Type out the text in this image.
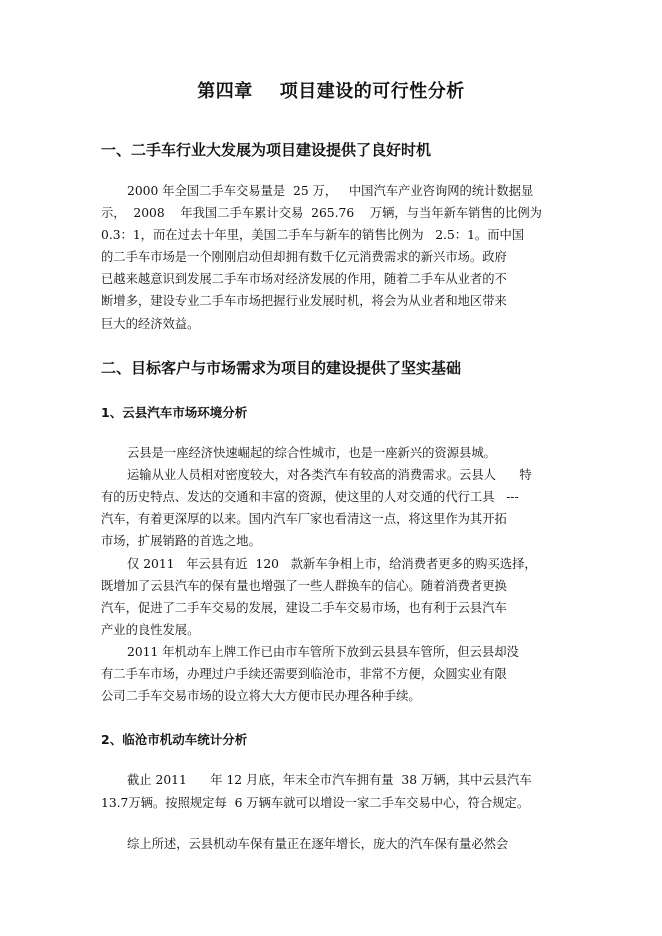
第四章    项目建设的可行性分析
一、二手车行业大发展为项目建设提供了良好时机
2000 年全国二手车交易量是  25 万，   中国汽车产业咨询网的统计数据显
示，  2008    年我国二手车累计交易  265.76    万辆，与当年新车销售的比例为
0.3：1，而在过去十年里，美国二手车与新车的销售比例为   2.5：1。而中国
的二手车市场是一个刚刚启动但却拥有数千亿元消费需求的新兴市场。政府
已越来越意识到发展二手车市场对经济发展的作用，随着二手车从业者的不
断增多，建设专业二手车市场把握行业发展时机，将会为从业者和地区带来
巨大的经济效益。
二、目标客户与市场需求为项目的建设提供了坚实基础
1、云县汽车市场环境分析
云县是一座经济快速崛起的综合性城市，也是一座新兴的资源县城。
运输从业人员相对密度较大，对各类汽车有较高的消费需求。云县人      特
有的历史特点、发达的交通和丰富的资源，使这里的人对交通的代行工具   ---
汽车，有着更深厚的以来。国内汽车厂家也看清这一点，将这里作为其开拓
市场，扩展销路的首选之地。
仅 2011   年云县有近  120   款新车争相上市，给消费者更多的购买选择，
既增加了云县汽车的保有量也增强了一些人群换车的信心。随着消费者更换
汽车，促进了二手车交易的发展，建设二手车交易市场，也有利于云县汽车
产业的良性发展。
2011 年机动车上牌工作已由市车管所下放到云县县车管所，但云县却没
有二手车市场，办理过户手续还需要到临沧市，非常不方便，众圆实业有限
公司二手车交易市场的设立将大大方便市民办理各种手续。
2、临沧市机动车统计分析
截止 2011      年 12 月底，年末全市汽车拥有量  38 万辆，其中云县汽车
13.7万辆。按照规定每  6 万辆车就可以增设一家二手车交易中心，符合规定。
综上所述，云县机动车保有量正在逐年增长，庞大的汽车保有量必然会
